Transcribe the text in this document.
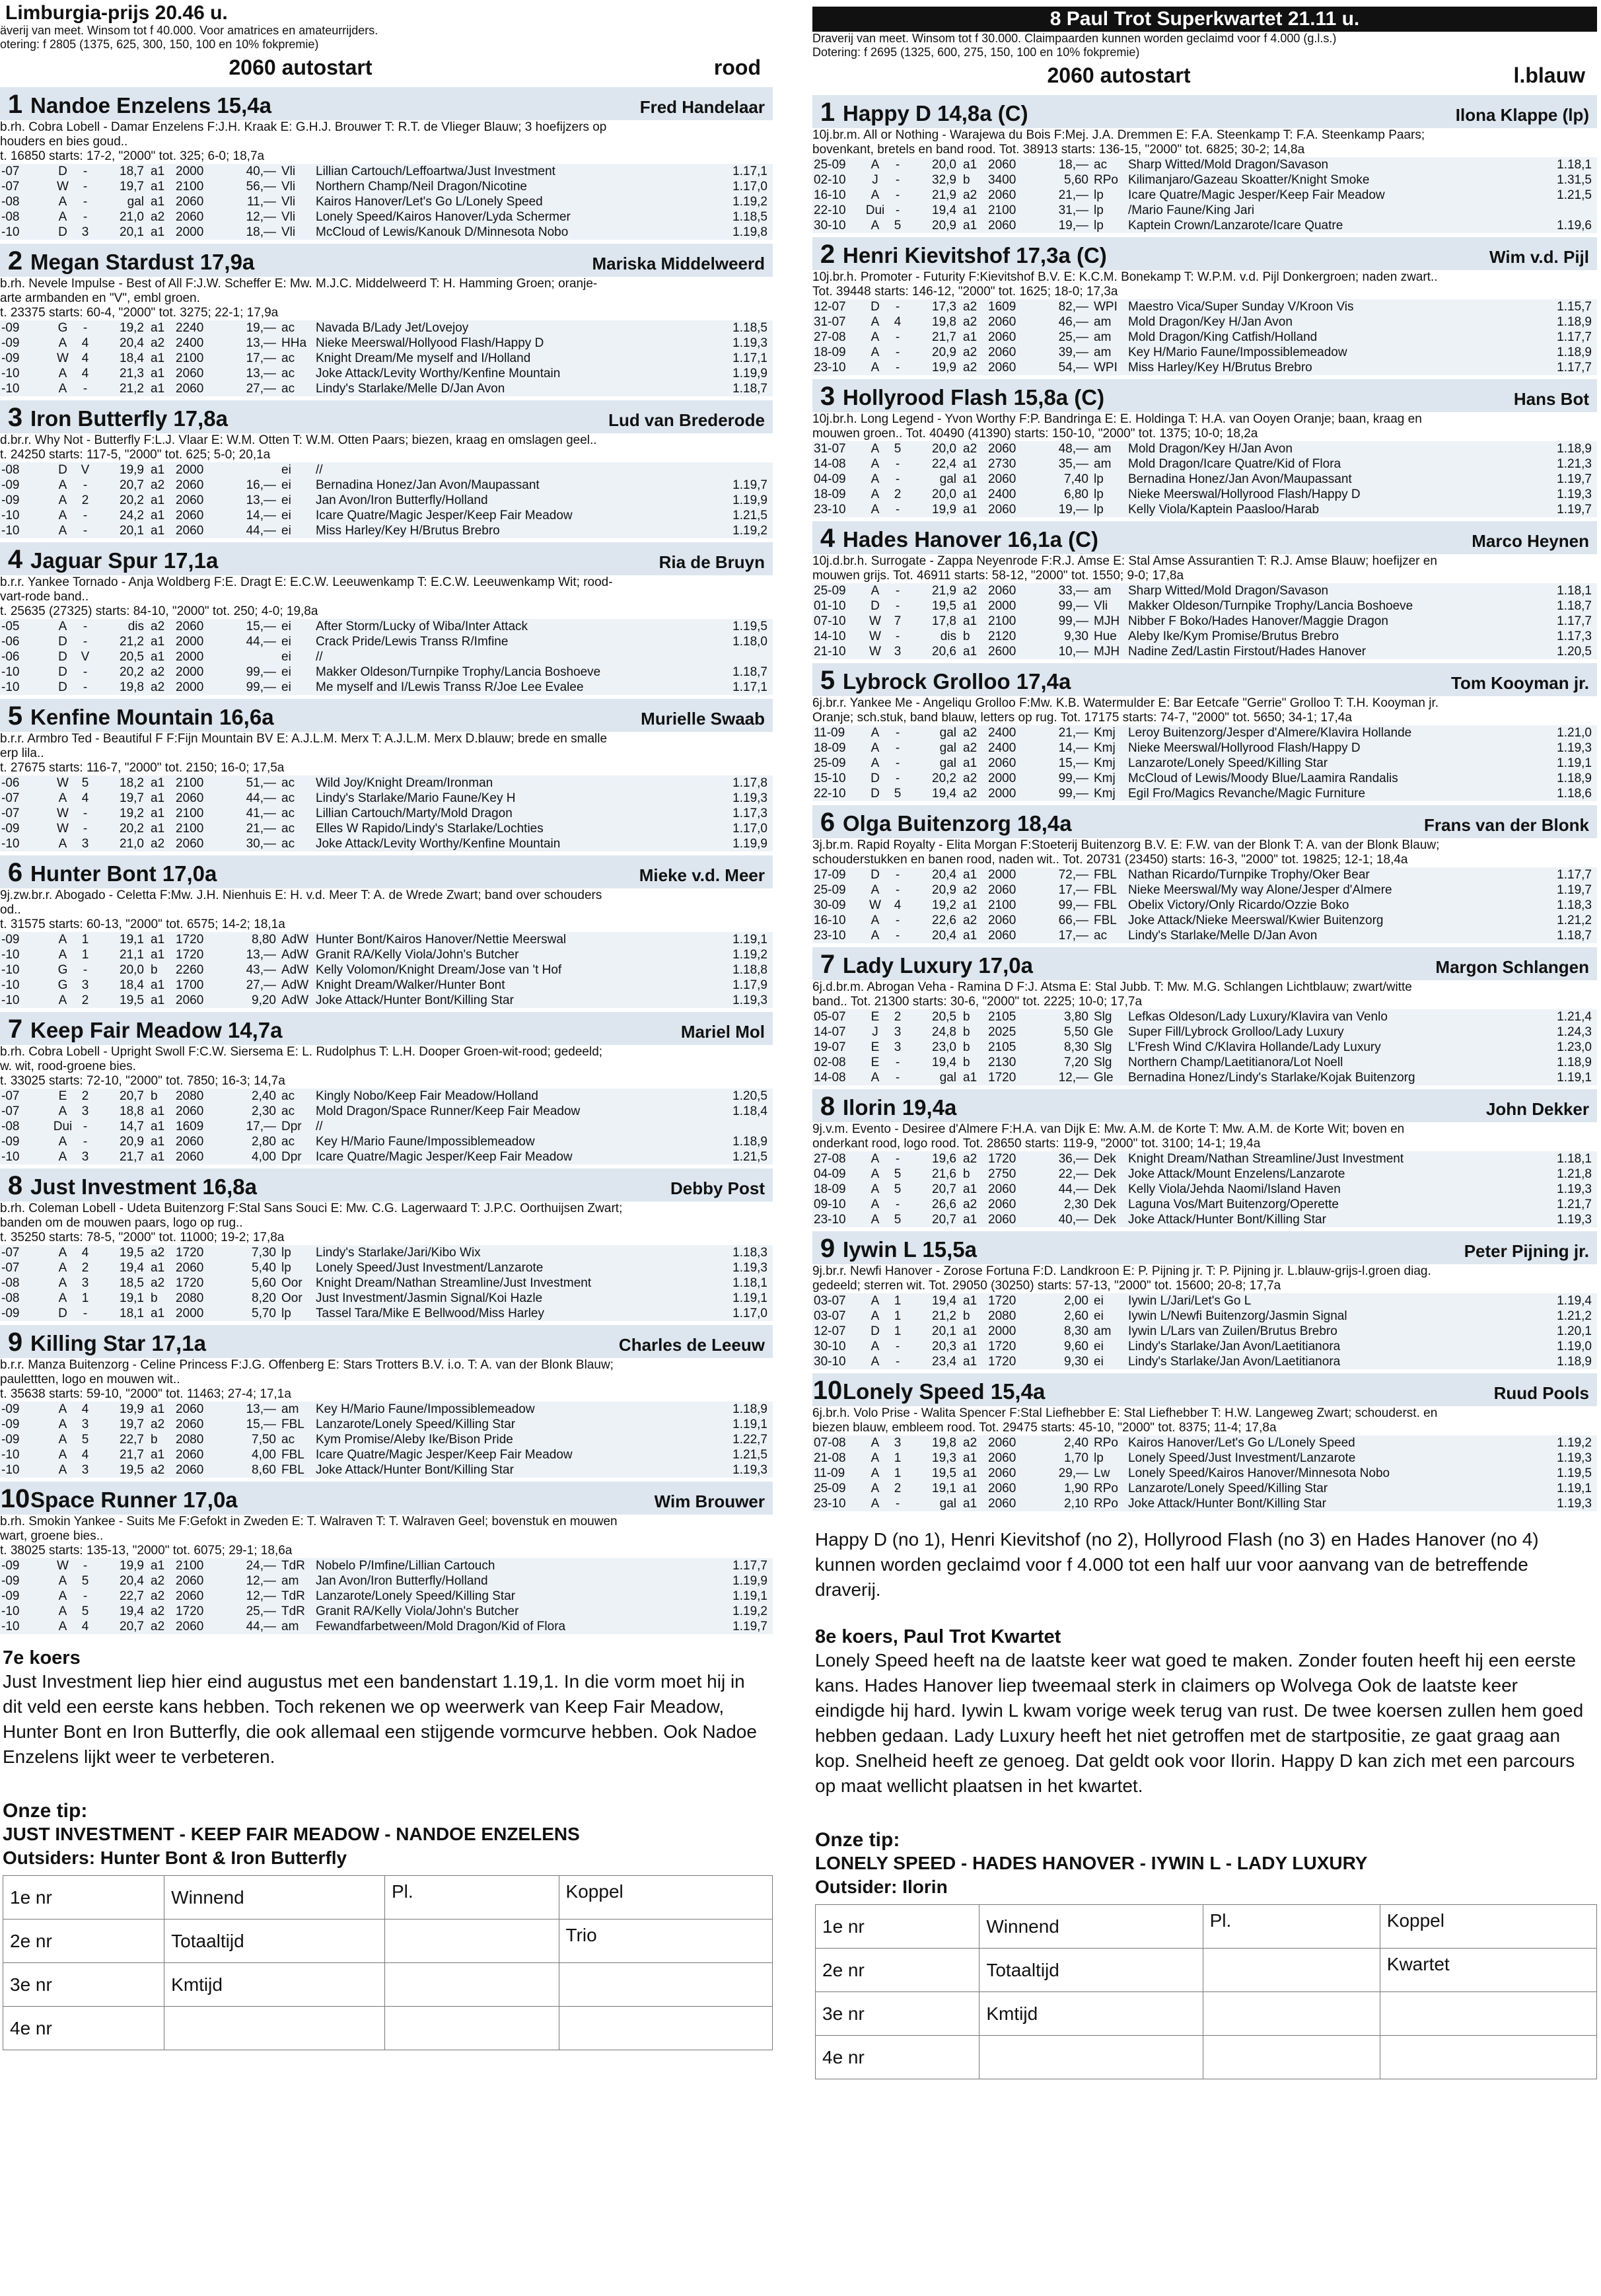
Limburgia-prijs 20.46 u.
äverij van meet. Winsom tot f 40.000. Voor amatrices en amateurrijders.
otering: f 2805 (1375, 625, 300, 150, 100 en 10% fokpremie)
2060 autostart	rood
1 Nandoe Enzelens 15,4a	Fred Handelaar
b.rh. Cobra Lobell - Damar Enzelens F:J.H. Kraak E: G.H.J. Brouwer T: R.T. de Vlieger Blauw; 3 hoefijzers op
houders en bies goud..
t. 16850 starts: 17-2, "2000" tot. 325; 6-0; 18,7a
-07	D	-	18,7	a1	2000	40,—	Vli	Lillian Cartouch/Leffoartwa/Just Investment	1.17,1
-07	W	-	19,7	a1	2100	56,—	Vli	Northern Champ/Neil Dragon/Nicotine	1.17,0
-08	A	-	gal	a1	2060	11,—	Vli	Kairos Hanover/Let's Go L/Lonely Speed	1.19,2
-08	A	-	21,0	a2	2060	12,—	Vli	Lonely Speed/Kairos Hanover/Lyda Schermer	1.18,5
-10	D	3	20,1	a1	2000	18,—	Vli	McCloud of Lewis/Kanouk D/Minnesota Nobo	1.19,8
2 Megan Stardust 17,9a	Mariska Middelweerd
b.rh. Nevele Impulse - Best of All F:J.W. Scheffer E: Mw. M.J.C. Middelweerd T: H. Hamming Groen; oranje-
arte armbanden en "V", embl groen.
t. 23375 starts: 60-4, "2000" tot. 3275; 22-1; 17,9a
-09	G	-	19,2	a1	2240	19,—	ac	Navada B/Lady Jet/Lovejoy	1.18,5
-09	A	4	20,4	a2	2400	13,—	HHa	Nieke Meerswal/Hollyood Flash/Happy D	1.19,3
-09	W	4	18,4	a1	2100	17,—	ac	Knight Dream/Me myself and I/Holland	1.17,1
-10	A	4	21,3	a1	2060	13,—	ac	Joke Attack/Levity Worthy/Kenfine Mountain	1.19,9
-10	A	-	21,2	a1	2060	27,—	ac	Lindy's Starlake/Melle D/Jan Avon	1.18,7
3 Iron Butterfly 17,8a	Lud van Brederode
d.br.r. Why Not - Butterfly F:L.J. Vlaar E: W.M. Otten T: W.M. Otten Paars; biezen, kraag en omslagen geel..
t. 24250 starts: 117-5, "2000" tot. 625; 5-0; 20,1a
-08	D	V	19,9	a1	2000		ei	//	
-09	A	-	20,7	a2	2060	16,—	ei	Bernadina Honez/Jan Avon/Maupassant	1.19,7
-09	A	2	20,2	a1	2060	13,—	ei	Jan Avon/Iron Butterfly/Holland	1.19,9
-10	A	-	24,2	a1	2060	14,—	ei	Icare Quatre/Magic Jesper/Keep Fair Meadow	1.21,5
-10	A	-	20,1	a1	2060	44,—	ei	Miss Harley/Key H/Brutus Brebro	1.19,2
4 Jaguar Spur 17,1a	Ria de Bruyn
b.r.r. Yankee Tornado - Anja Woldberg F:E. Dragt E: E.C.W. Leeuwenkamp T: E.C.W. Leeuwenkamp Wit; rood-
vart-rode band..
t. 25635 (27325) starts: 84-10, "2000" tot. 250; 4-0; 19,8a
-05	A	-	dis	a2	2060	15,—	ei	After Storm/Lucky of Wiba/Inter Attack	1.19,5
-06	D	-	21,2	a1	2000	44,—	ei	Crack Pride/Lewis Transs R/Imfine	1.18,0
-06	D	V	20,5	a1	2000		ei	//	
-10	D	-	20,2	a2	2000	99,—	ei	Makker Oldeson/Turnpike Trophy/Lancia Boshoeve	1.18,7
-10	D	-	19,8	a2	2000	99,—	ei	Me myself and I/Lewis Transs R/Joe Lee Evalee	1.17,1
5 Kenfine Mountain 16,6a	Murielle Swaab
b.r.r. Armbro Ted - Beautiful F F:Fijn Mountain BV E: A.J.L.M. Merx T: A.J.L.M. Merx D.blauw; brede en smalle
erp lila..
t. 27675 starts: 116-7, "2000" tot. 2150; 16-0; 17,5a
-06	W	5	18,2	a1	2100	51,—	ac	Wild Joy/Knight Dream/Ironman	1.17,8
-07	A	4	19,7	a1	2060	44,—	ac	Lindy's Starlake/Mario Faune/Key H	1.19,3
-07	W	-	19,2	a1	2100	41,—	ac	Lillian Cartouch/Marty/Mold Dragon	1.17,3
-09	W	-	20,2	a1	2100	21,—	ac	Elles W Rapido/Lindy's Starlake/Lochties	1.17,0
-10	A	3	21,0	a2	2060	30,—	ac	Joke Attack/Levity Worthy/Kenfine Mountain	1.19,9
6 Hunter Bont 17,0a	Mieke v.d. Meer
9j.zw.br.r. Abogado - Celetta F:Mw. J.H. Nienhuis E: H. v.d. Meer T: A. de Wrede Zwart; band over schouders
od..
t. 31575 starts: 60-13, "2000" tot. 6575; 14-2; 18,1a
-09	A	1	19,1	a1	1720	8,80	AdW	Hunter Bont/Kairos Hanover/Nettie Meerswal	1.19,1
-10	A	1	21,1	a1	1720	13,—	AdW	Granit RA/Kelly Viola/John's Butcher	1.19,2
-10	G	-	20,0	b	2260	43,—	AdW	Kelly Volomon/Knight Dream/Jose van 't Hof	1.18,8
-10	G	3	18,4	a1	1700	27,—	AdW	Knight Dream/Walker/Hunter Bont	1.17,9
-10	A	2	19,5	a1	2060	9,20	AdW	Joke Attack/Hunter Bont/Killing Star	1.19,3
7 Keep Fair Meadow 14,7a	Mariel Mol
b.rh. Cobra Lobell - Upright Swoll F:C.W. Siersema E: L. Rudolphus T: L.H. Dooper Groen-wit-rood; gedeeld;
w. wit, rood-groene bies.
t. 33025 starts: 72-10, "2000" tot. 7850; 16-3; 14,7a
-07	E	2	20,7	b	2080	2,40	ac	Kingly Nobo/Keep Fair Meadow/Holland	1.20,5
-07	A	3	18,8	a1	2060	2,30	ac	Mold Dragon/Space Runner/Keep Fair Meadow	1.18,4
-08	Dui	-	14,7	a1	1609	17,—	Dpr	//	
-09	A	-	20,9	a1	2060	2,80	ac	Key H/Mario Faune/Impossiblemeadow	1.18,9
-10	A	3	21,7	a1	2060	4,00	Dpr	Icare Quatre/Magic Jesper/Keep Fair Meadow	1.21,5
8 Just Investment 16,8a	Debby Post
b.rh. Coleman Lobell - Udeta Buitenzorg F:Stal Sans Souci E: Mw. C.G. Lagerwaard T: J.P.C. Oorthuijsen Zwart;
banden om de mouwen paars, logo op rug..
t. 35250 starts: 78-5, "2000" tot. 11000; 19-2; 17,8a
-07	A	4	19,5	a2	1720	7,30	lp	Lindy's Starlake/Jari/Kibo Wix	1.18,3
-07	A	2	19,4	a1	2060	5,40	lp	Lonely Speed/Just Investment/Lanzarote	1.19,3
-08	A	3	18,5	a2	1720	5,60	Oor	Knight Dream/Nathan Streamline/Just Investment	1.18,1
-08	A	1	19,1	b	2080	8,20	Oor	Just Investment/Jasmin Signal/Koi Hazle	1.19,1
-09	D	-	18,1	a1	2000	5,70	lp	Tassel Tara/Mike E Bellwood/Miss Harley	1.17,0
9 Killing Star 17,1a	Charles de Leeuw
b.r.r. Manza Buitenzorg - Celine Princess F:J.G. Offenberg E: Stars Trotters B.V. i.o. T: A. van der Blonk Blauw;
paulettten, logo en mouwen wit..
t. 35638 starts: 59-10, "2000" tot. 11463; 27-4; 17,1a
-09	A	4	19,9	a1	2060	13,—	am	Key H/Mario Faune/Impossiblemeadow	1.18,9
-09	A	3	19,7	a2	2060	15,—	FBL	Lanzarote/Lonely Speed/Killing Star	1.19,1
-09	A	5	22,7	b	2080	7,50	ac	Kym Promise/Aleby Ike/Bison Pride	1.22,7
-10	A	4	21,7	a1	2060	4,00	FBL	Icare Quatre/Magic Jesper/Keep Fair Meadow	1.21,5
-10	A	3	19,5	a2	2060	8,60	FBL	Joke Attack/Hunter Bont/Killing Star	1.19,3
10 Space Runner 17,0a	Wim Brouwer
b.rh. Smokin Yankee - Suits Me F:Gefokt in Zweden E: T. Walraven T: T. Walraven Geel; bovenstuk en mouwen
wart, groene bies..
t. 38025 starts: 135-13, "2000" tot. 6075; 29-1; 18,6a
-09	W	-	19,9	a1	2100	24,—	TdR	Nobelo P/Imfine/Lillian Cartouch	1.17,7
-09	A	5	20,4	a2	2060	12,—	am	Jan Avon/Iron Butterfly/Holland	1.19,9
-09	A	-	22,7	a2	2060	12,—	TdR	Lanzarote/Lonely Speed/Killing Star	1.19,1
-10	A	5	19,4	a2	1720	25,—	TdR	Granit RA/Kelly Viola/John's Butcher	1.19,2
-10	A	4	20,7	a2	2060	44,—	am	Fewandfarbetween/Mold Dragon/Kid of Flora	1.19,7
7e koers
Just Investment liep hier eind augustus met een bandenstart 1.19,1. In die vorm moet hij in dit veld een eerste kans hebben. Toch rekenen we op weerwerk van Keep Fair Meadow, Hunter Bont en Iron Butterfly, die ook allemaal een stijgende vormcurve hebben. Ook Nadoe Enzelens lijkt weer te verbeteren.
Onze tip:
JUST INVESTMENT - KEEP FAIR MEADOW - NANDOE ENZELENS
Outsiders: Hunter Bont & Iron Butterfly
1e nr	Winnend	Pl.	Koppel
2e nr	Totaaltijd		Trio
3e nr	Kmtijd		
4e nr			
8 Paul Trot Superkwartet 21.11 u.
Draverij van meet. Winsom tot f 30.000. Claimpaarden kunnen worden geclaimd voor f 4.000 (g.l.s.)
Dotering: f 2695 (1325, 600, 275, 150, 100 en 10% fokpremie)
2060 autostart	l.blauw
1 Happy D 14,8a (C)	Ilona Klappe (lp)
10j.br.m. All or Nothing - Warajewa du Bois F:Mej. J.A. Dremmen E: F.A. Steenkamp T: F.A. Steenkamp Paars;
bovenkant, bretels en band rood. Tot. 38913 starts: 136-15, "2000" tot. 6825; 30-2; 14,8a
25-09	A	-	20,0	a1	2060	18,—	ac	Sharp Witted/Mold Dragon/Savason	1.18,1
02-10	J	-	32,9	b	3400	5,60	RPo	Kilimanjaro/Gazeau Skoatter/Knight Smoke	1.31,5
16-10	A	-	21,9	a2	2060	21,—	lp	Icare Quatre/Magic Jesper/Keep Fair Meadow	1.21,5
22-10	Dui	-	19,4	a1	2100	31,—	lp	/Mario Faune/King Jari	
30-10	A	5	20,9	a1	2060	19,—	lp	Kaptein Crown/Lanzarote/Icare Quatre	1.19,6
2 Henri Kievitshof 17,3a (C)	Wim v.d. Pijl
10j.br.h. Promoter - Futurity F:Kievitshof B.V. E: K.C.M. Bonekamp T: W.P.M. v.d. Pijl Donkergroen; naden zwart..
Tot. 39448 starts: 146-12, "2000" tot. 1625; 18-0; 17,3a
12-07	D	-	17,3	a2	1609	82,—	WPI	Maestro Vica/Super Sunday V/Kroon Vis	1.15,7
31-07	A	4	19,8	a2	2060	46,—	am	Mold Dragon/Key H/Jan Avon	1.18,9
27-08	A	-	21,7	a1	2060	25,—	am	Mold Dragon/King Catfish/Holland	1.17,7
18-09	A	-	20,9	a2	2060	39,—	am	Key H/Mario Faune/Impossiblemeadow	1.18,9
23-10	A	-	19,9	a2	2060	54,—	WPI	Miss Harley/Key H/Brutus Brebro	1.17,7
3 Hollyrood Flash 15,8a (C)	Hans Bot
10j.br.h. Long Legend - Yvon Worthy F:P. Bandringa E: E. Holdinga T: H.A. van Ooyen Oranje; baan, kraag en
mouwen groen.. Tot. 40490 (41390) starts: 150-10, "2000" tot. 1375; 10-0; 18,2a
31-07	A	5	20,0	a2	2060	48,—	am	Mold Dragon/Key H/Jan Avon	1.18,9
14-08	A	-	22,4	a1	2730	35,—	am	Mold Dragon/Icare Quatre/Kid of Flora	1.21,3
04-09	A	-	gal	a1	2060	7,40	lp	Bernadina Honez/Jan Avon/Maupassant	1.19,7
18-09	A	2	20,0	a1	2400	6,80	lp	Nieke Meerswal/Hollyrood Flash/Happy D	1.19,3
23-10	A	-	19,9	a1	2060	19,—	lp	Kelly Viola/Kaptein Paasloo/Harab	1.19,7
4 Hades Hanover 16,1a (C)	Marco Heynen
10j.d.br.h. Surrogate - Zappa Neyenrode F:R.J. Amse E: Stal Amse Assurantien T: R.J. Amse Blauw; hoefijzer en
mouwen grijs. Tot. 46911 starts: 58-12, "2000" tot. 1550; 9-0; 17,8a
25-09	A	-	21,9	a2	2060	33,—	am	Sharp Witted/Mold Dragon/Savason	1.18,1
01-10	D	-	19,5	a1	2000	99,—	Vli	Makker Oldeson/Turnpike Trophy/Lancia Boshoeve	1.18,7
07-10	W	7	17,8	a1	2100	99,—	MJH	Nibber F Boko/Hades Hanover/Maggie Dragon	1.17,7
14-10	W	-	dis	b	2120	9,30	Hue	Aleby Ike/Kym Promise/Brutus Brebro	1.17,3
21-10	W	3	20,6	a1	2600	10,—	MJH	Nadine Zed/Lastin Firstout/Hades Hanover	1.20,5
5 Lybrock Grolloo 17,4a	Tom Kooyman jr.
6j.br.r. Yankee Me - Angeliqu Grolloo F:Mw. K.B. Watermulder E: Bar Eetcafe "Gerrie" Grolloo T: T.H. Kooyman jr.
Oranje; sch.stuk, band blauw, letters op rug. Tot. 17175 starts: 74-7, "2000" tot. 5650; 34-1; 17,4a
11-09	A	-	gal	a2	2400	21,—	Kmj	Leroy Buitenzorg/Jesper d'Almere/Klavira Hollande	1.21,0
18-09	A	-	gal	a2	2400	14,—	Kmj	Nieke Meerswal/Hollyrood Flash/Happy D	1.19,3
25-09	A	-	gal	a1	2060	15,—	Kmj	Lanzarote/Lonely Speed/Killing Star	1.19,1
15-10	D	-	20,2	a2	2000	99,—	Kmj	McCloud of Lewis/Moody Blue/Laamira Randalis	1.18,9
22-10	D	5	19,4	a2	2000	99,—	Kmj	Egil Fro/Magics Revanche/Magic Furniture	1.18,6
6 Olga Buitenzorg 18,4a	Frans van der Blonk
3j.br.m. Rapid Royalty - Elita Morgan F:Stoeterij Buitenzorg B.V. E: F.W. van der Blonk T: A. van der Blonk Blauw;
schouderstukken en banen rood, naden wit.. Tot. 20731 (23450) starts: 16-3, "2000" tot. 19825; 12-1; 18,4a
17-09	D	-	20,4	a1	2000	72,—	FBL	Nathan Ricardo/Turnpike Trophy/Oker Bear	1.17,7
25-09	A	-	20,9	a2	2060	17,—	FBL	Nieke Meerswal/My way Alone/Jesper d'Almere	1.19,7
30-09	W	4	19,2	a1	2100	99,—	FBL	Obelix Victory/Only Ricardo/Ozzie Boko	1.18,3
16-10	A	-	22,6	a2	2060	66,—	FBL	Joke Attack/Nieke Meerswal/Kwier Buitenzorg	1.21,2
23-10	A	-	20,4	a1	2060	17,—	ac	Lindy's Starlake/Melle D/Jan Avon	1.18,7
7 Lady Luxury 17,0a	Margon Schlangen
6j.d.br.m. Abrogan Veha - Ramina D F:J. Atsma E: Stal Jubb. T: Mw. M.G. Schlangen Lichtblauw; zwart/witte
band.. Tot. 21300 starts: 30-6, "2000" tot. 2225; 10-0; 17,7a
05-07	E	2	20,5	b	2105	3,80	Slg	Lefkas Oldeson/Lady Luxury/Klavira van Venlo	1.21,4
14-07	J	3	24,8	b	2025	5,50	Gle	Super Fill/Lybrock Grolloo/Lady Luxury	1.24,3
19-07	E	3	23,0	b	2105	8,30	Slg	L'Fresh Wind C/Klavira Hollande/Lady Luxury	1.23,0
02-08	E	-	19,4	b	2130	7,20	Slg	Northern Champ/Laetitianora/Lot Noell	1.18,9
14-08	A	-	gal	a1	1720	12,—	Gle	Bernadina Honez/Lindy's Starlake/Kojak Buitenzorg	1.19,1
8 Ilorin 19,4a	John Dekker
9j.v.m. Evento - Desiree d'Almere F:H.A. van Dijk E: Mw. A.M. de Korte T: Mw. A.M. de Korte Wit; boven en
onderkant rood, logo rood. Tot. 28650 starts: 119-9, "2000" tot. 3100; 14-1; 19,4a
27-08	A	-	19,6	a2	1720	36,—	Dek	Knight Dream/Nathan Streamline/Just Investment	1.18,1
04-09	A	5	21,6	b	2750	22,—	Dek	Joke Attack/Mount Enzelens/Lanzarote	1.21,8
18-09	A	5	20,7	a1	2060	44,—	Dek	Kelly Viola/Jehda Naomi/Island Haven	1.19,3
09-10	A	-	26,6	a2	2060	2,30	Dek	Laguna Vos/Mart Buitenzorg/Operette	1.21,7
23-10	A	5	20,7	a1	2060	40,—	Dek	Joke Attack/Hunter Bont/Killing Star	1.19,3
9 Iywin L 15,5a	Peter Pijning jr.
9j.br.r. Newfi Hanover - Zorose Fortuna F:D. Landkroon E: P. Pijning jr. T: P. Pijning jr. L.blauw-grijs-l.groen diag.
gedeeld; sterren wit. Tot. 29050 (30250) starts: 57-13, "2000" tot. 15600; 20-8; 17,7a
03-07	A	1	19,4	a1	1720	2,00	ei	Iywin L/Jari/Let's Go L	1.19,4
03-07	A	1	21,2	b	2080	2,60	ei	Iywin L/Newfi Buitenzorg/Jasmin Signal	1.21,2
12-07	D	1	20,1	a1	2000	8,30	am	Iywin L/Lars van Zuilen/Brutus Brebro	1.20,1
30-10	A	-	20,3	a1	1720	9,60	ei	Lindy's Starlake/Jan Avon/Laetitianora	1.19,0
30-10	A	-	23,4	a1	1720	9,30	ei	Lindy's Starlake/Jan Avon/Laetitianora	1.18,9
10 Lonely Speed 15,4a	Ruud Pools
6j.br.h. Volo Prise - Walita Spencer F:Stal Liefhebber E: Stal Liefhebber T: H.W. Langeweg Zwart; schouderst. en
biezen blauw, embleem rood. Tot. 29475 starts: 45-10, "2000" tot. 8375; 11-4; 17,8a
07-08	A	3	19,8	a2	2060	2,40	RPo	Kairos Hanover/Let's Go L/Lonely Speed	1.19,2
21-08	A	1	19,3	a1	2060	1,70	lp	Lonely Speed/Just Investment/Lanzarote	1.19,3
11-09	A	1	19,5	a1	2060	29,—	Lw	Lonely Speed/Kairos Hanover/Minnesota Nobo	1.19,5
25-09	A	2	19,1	a1	2060	1,90	RPo	Lanzarote/Lonely Speed/Killing Star	1.19,1
23-10	A	-	gal	a1	2060	2,10	RPo	Joke Attack/Hunter Bont/Killing Star	1.19,3
Happy D (no 1), Henri Kievitshof (no 2), Hollyrood Flash (no 3) en Hades Hanover (no 4) kunnen worden geclaimd voor f 4.000 tot een half uur voor aanvang van de betreffende draverij.
8e koers, Paul Trot Kwartet
Lonely Speed heeft na de laatste keer wat goed te maken. Zonder fouten heeft hij een eerste kans. Hades Hanover liep tweemaal sterk in claimers op Wolvega Ook de laatste keer eindigde hij hard. Iywin L kwam vorige week terug van rust. De twee koersen zullen hem goed hebben gedaan. Lady Luxury heeft het niet getroffen met de startpositie, ze gaat graag aan kop. Snelheid heeft ze genoeg. Dat geldt ook voor Ilorin. Happy D kan zich met een parcours op maat wellicht plaatsen in het kwartet.
Onze tip:
LONELY SPEED - HADES HANOVER - IYWIN L - LADY LUXURY
Outsider: Ilorin
1e nr	Winnend	Pl.	Koppel
2e nr	Totaaltijd		Kwartet
3e nr	Kmtijd		
4e nr			
